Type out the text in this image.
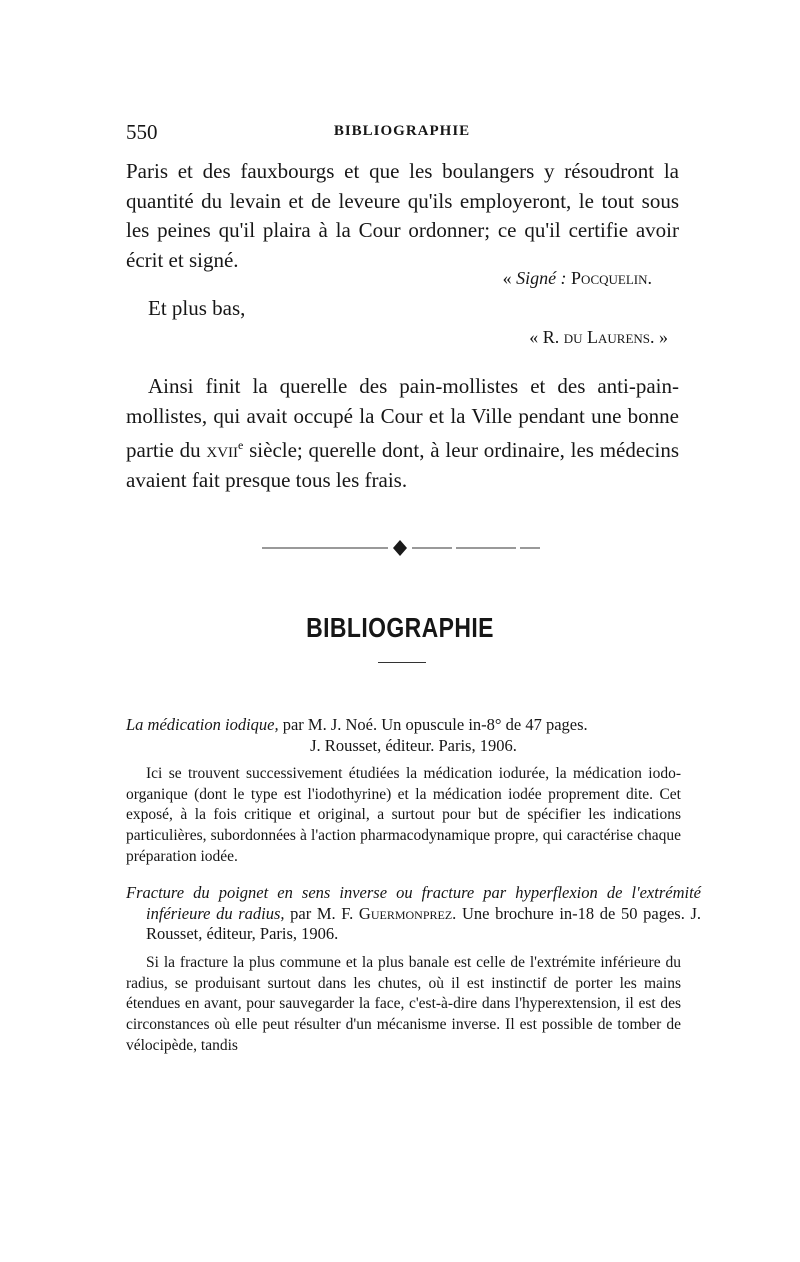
550	BIBLIOGRAPHIE
Paris et des fauxbourgs et que les boulangers y résoudront la quantité du levain et de leveure qu'ils employeront, le tout sous les peines qu'il plaira à la Cour ordonner; ce qu'il certifie avoir écrit et signé.
« Signé : Pocquelin.
Et plus bas,
« R. du Laurens. »
Ainsi finit la querelle des pain-mollistes et des anti-pain-mollistes, qui avait occupé la Cour et la Ville pendant une bonne partie du xvii$^e$ siècle; querelle dont, à leur ordinaire, les médecins avaient fait presque tous les frais.
BIBLIOGRAPHIE
La médication iodique, par M. J. Noé. Un opuscule in-8° de 47 pages.
J. Rousset, éditeur. Paris, 1906.
Ici se trouvent successivement étudiées la médication iodurée, la médication iodo-organique (dont le type est l'iodothyrine) et la médication iodée proprement dite. Cet exposé, à la fois critique et original, a surtout pour but de spécifier les indications particulières, subordonnées à l'action pharmacodynamique propre, qui caractérise chaque préparation iodée.
Fracture du poignet en sens inverse ou fracture par hyperflexion de l'extrémité inférieure du radius, par M. F. Guermonprez. Une brochure in-18 de 50 pages. J. Rousset, éditeur, Paris, 1906.
Si la fracture la plus commune et la plus banale est celle de l'extrémite inférieure du radius, se produisant surtout dans les chutes, où il est instinctif de porter les mains étendues en avant, pour sauvegarder la face, c'est-à-dire dans l'hyperextension, il est des circonstances où elle peut résulter d'un mécanisme inverse. Il est possible de tomber de vélocipède, tandis
